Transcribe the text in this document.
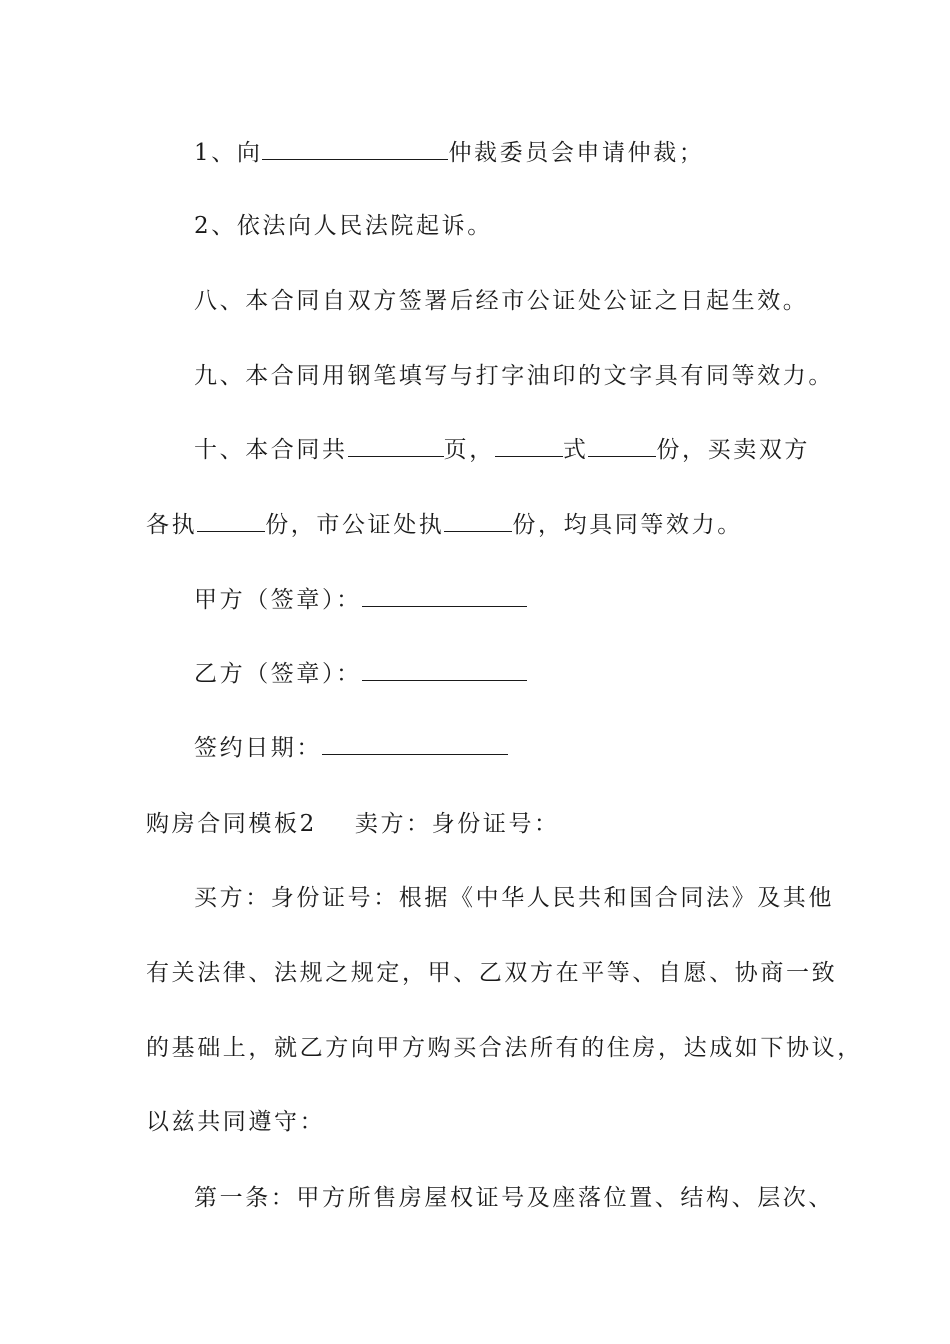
1、向	仲裁委员会申请仲裁；
2、依法向人民法院起诉。
八、本合同自双方签署后经市公证处公证之日起生效。
九、本合同用钢笔填写与打字油印的文字具有同等效力。
十、本合同共	页，	式	份，买卖双方
各执	份，市公证处执	份，均具同等效力。
甲方（签章）：
乙方（签章）：
签约日期：
购房合同模板2 卖方：身份证号：
买方：身份证号：根据《中华人民共和国合同法》及其他
有关法律、法规之规定，甲、乙双方在平等、自愿、协商一致
的基础上，就乙方向甲方购买合法所有的住房，达成如下协议，
以兹共同遵守：
第一条：甲方所售房屋权证号及座落位置、结构、层次、
